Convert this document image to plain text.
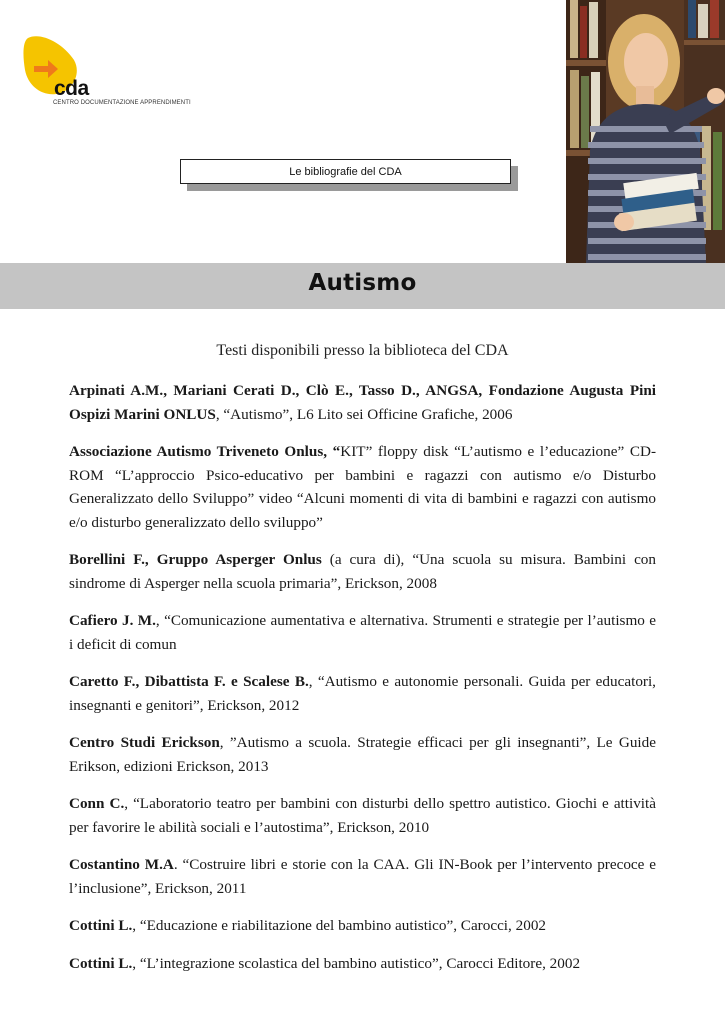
cda
CENTRO DOCUMENTAZIONE APPRENDIMENTI
Le bibliografie del CDA
Autismo
Testi disponibili presso la biblioteca del CDA

Arpinati A.M., Mariani Cerati D., Clò E., Tasso D., ANGSA, Fondazione Augusta Pini Ospizi Marini ONLUS, “Autismo”, L6 Lito sei Officine Grafiche, 2006

Associazione Autismo Triveneto Onlus, “KIT” floppy disk “L’autismo e l’educazione” CD-ROM “L’approccio Psico-educativo per bambini e ragazzi con autismo e/o Disturbo Generalizzato dello Sviluppo” video “Alcuni momenti di vita di bambini e ragazzi con autismo e/o disturbo generalizzato dello sviluppo”

Borellini F., Gruppo Asperger Onlus (a cura di), “Una scuola su misura. Bambini con sindrome di Asperger nella scuola primaria”, Erickson, 2008

Cafiero J. M., “Comunicazione aumentativa e alternativa. Strumenti e strategie per l’autismo e i deficit di comun

Caretto F., Dibattista F. e Scalese B., “Autismo e autonomie personali. Guida per educatori, insegnanti e genitori”, Erickson, 2012

Centro Studi Erickson, ”Autismo a scuola. Strategie efficaci per gli insegnanti”, Le Guide Erikson, edizioni Erickson, 2013

Conn C., “Laboratorio teatro per bambini con disturbi dello spettro autistico. Giochi e attività per favorire le abilità sociali e l’autostima”, Erickson, 2010

Costantino M.A. “Costruire libri e storie con la CAA. Gli IN-Book per l’intervento precoce e l’inclusione”, Erickson, 2011

Cottini L., “Educazione e riabilitazione del bambino autistico”, Carocci, 2002

Cottini L., “L’integrazione scolastica del bambino autistico”, Carocci Editore, 2002
